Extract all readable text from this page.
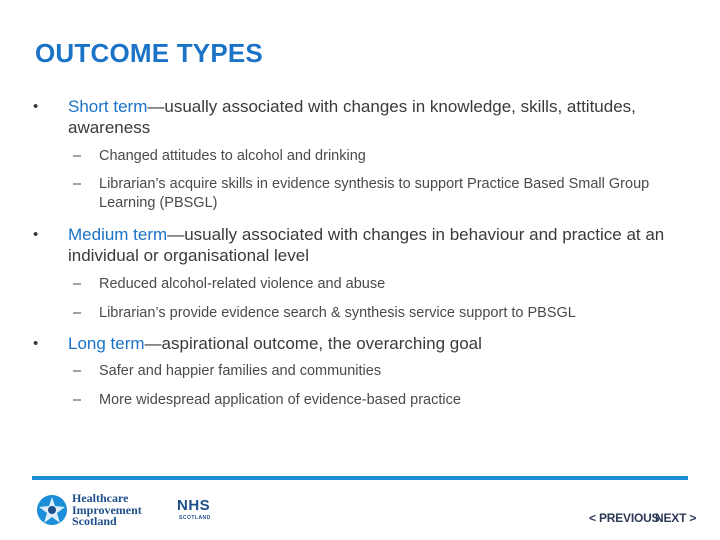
OUTCOME TYPES
• Short term—usually associated with changes in knowledge, skills, attitudes, awareness
– Changed attitudes to alcohol and drinking
– Librarian’s acquire skills in evidence synthesis to support Practice Based Small Group Learning (PBSGL)
• Medium term—usually associated with changes in behaviour and practice at an individual or organisational level
– Reduced alcohol-related violence and abuse
– Librarian’s provide evidence search & synthesis service support to PBSGL
• Long term—aspirational outcome, the overarching goal
– Safer and happier families and communities
– More widespread application of evidence-based practice
Healthcare
Improvement
Scotland
NHS
SCOTLAND	< PREVIOUS
NEXT >
